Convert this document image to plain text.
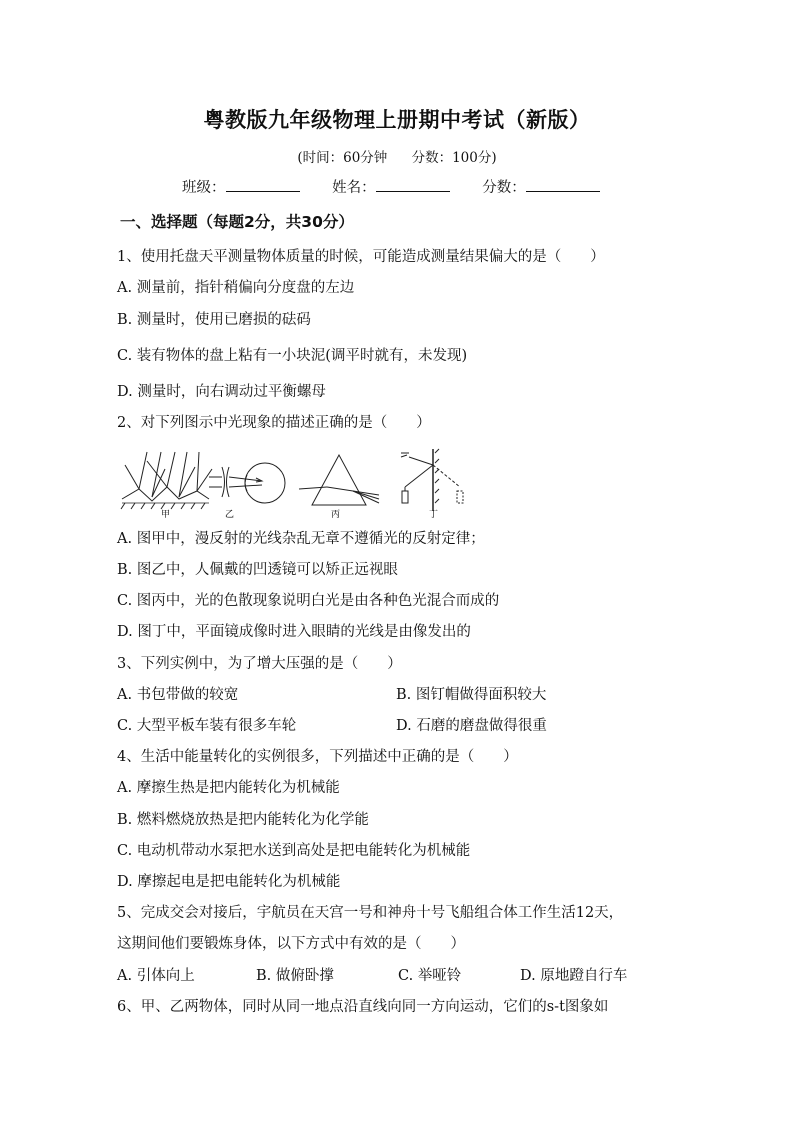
粤教版九年级物理上册期中考试（新版）
(时间：60分钟 分数：100分)
班级：	姓名：	分数：
一、选择题（每题2分，共30分）
1、使用托盘天平测量物体质量的时候，可能造成测量结果偏大的是（　　）
A. 测量前，指针稍偏向分度盘的左边
B. 测量时，使用已磨损的砝码
C. 装有物体的盘上粘有一小块泥(调平时就有，未发现)
D. 测量时，向右调动过平衡螺母
2、对下列图示中光现象的描述正确的是（　　）
甲	乙	丙	丁
A. 图甲中，漫反射的光线杂乱无章不遵循光的反射定律；
B. 图乙中，人佩戴的凹透镜可以矫正远视眼
C. 图丙中，光的色散现象说明白光是由各种色光混合而成的
D. 图丁中，平面镜成像时进入眼睛的光线是由像发出的
3、下列实例中，为了增大压强的是（　　）
A. 书包带做的较宽	B. 图钉帽做得面积较大
C. 大型平板车装有很多车轮	D. 石磨的磨盘做得很重
4、生活中能量转化的实例很多，下列描述中正确的是（　　）
A. 摩擦生热是把内能转化为机械能
B. 燃料燃烧放热是把内能转化为化学能
C. 电动机带动水泵把水送到高处是把电能转化为机械能
D. 摩擦起电是把电能转化为机械能
5、完成交会对接后，宇航员在天宫一号和神舟十号飞船组合体工作生活12天，
这期间他们要锻炼身体，以下方式中有效的是（　　）
A. 引体向上	B. 做俯卧撑	C. 举哑铃	D. 原地蹬自行车
6、甲、乙两物体，同时从同一地点沿直线向同一方向运动，它们的s-t图象如
